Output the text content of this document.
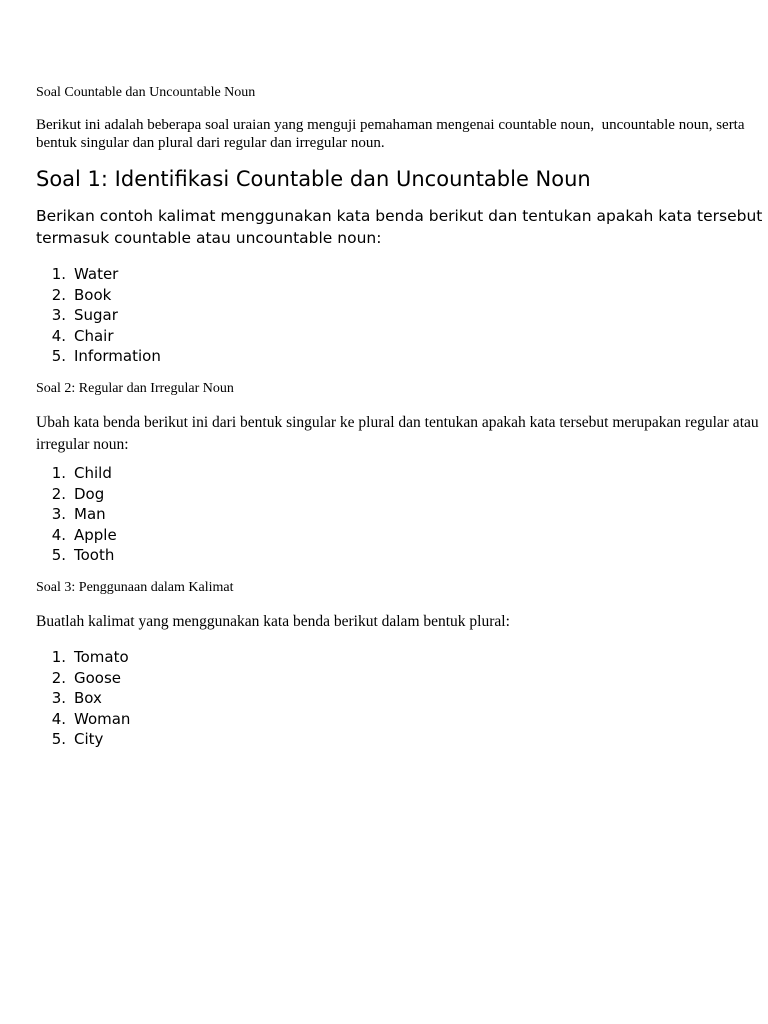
Soal Countable dan Uncountable Noun

Berikut ini adalah beberapa soal uraian yang menguji pemahaman mengenai countable noun,  uncountable noun, serta bentuk singular dan plural dari regular dan irregular noun.

Soal 1: Identifikasi Countable dan Uncountable Noun

Berikan contoh kalimat menggunakan kata benda berikut dan tentukan apakah kata tersebut termasuk countable atau uncountable noun:

1. Water
2. Book
3. Sugar
4. Chair
5. Information

Soal 2: Regular dan Irregular Noun

Ubah kata benda berikut ini dari bentuk singular ke plural dan tentukan apakah kata tersebut merupakan regular atau irregular noun:

1. Child
2. Dog
3. Man
4. Apple
5. Tooth

Soal 3: Penggunaan dalam Kalimat

Buatlah kalimat yang menggunakan kata benda berikut dalam bentuk plural:

1. Tomato
2. Goose
3. Box
4. Woman
5. City
